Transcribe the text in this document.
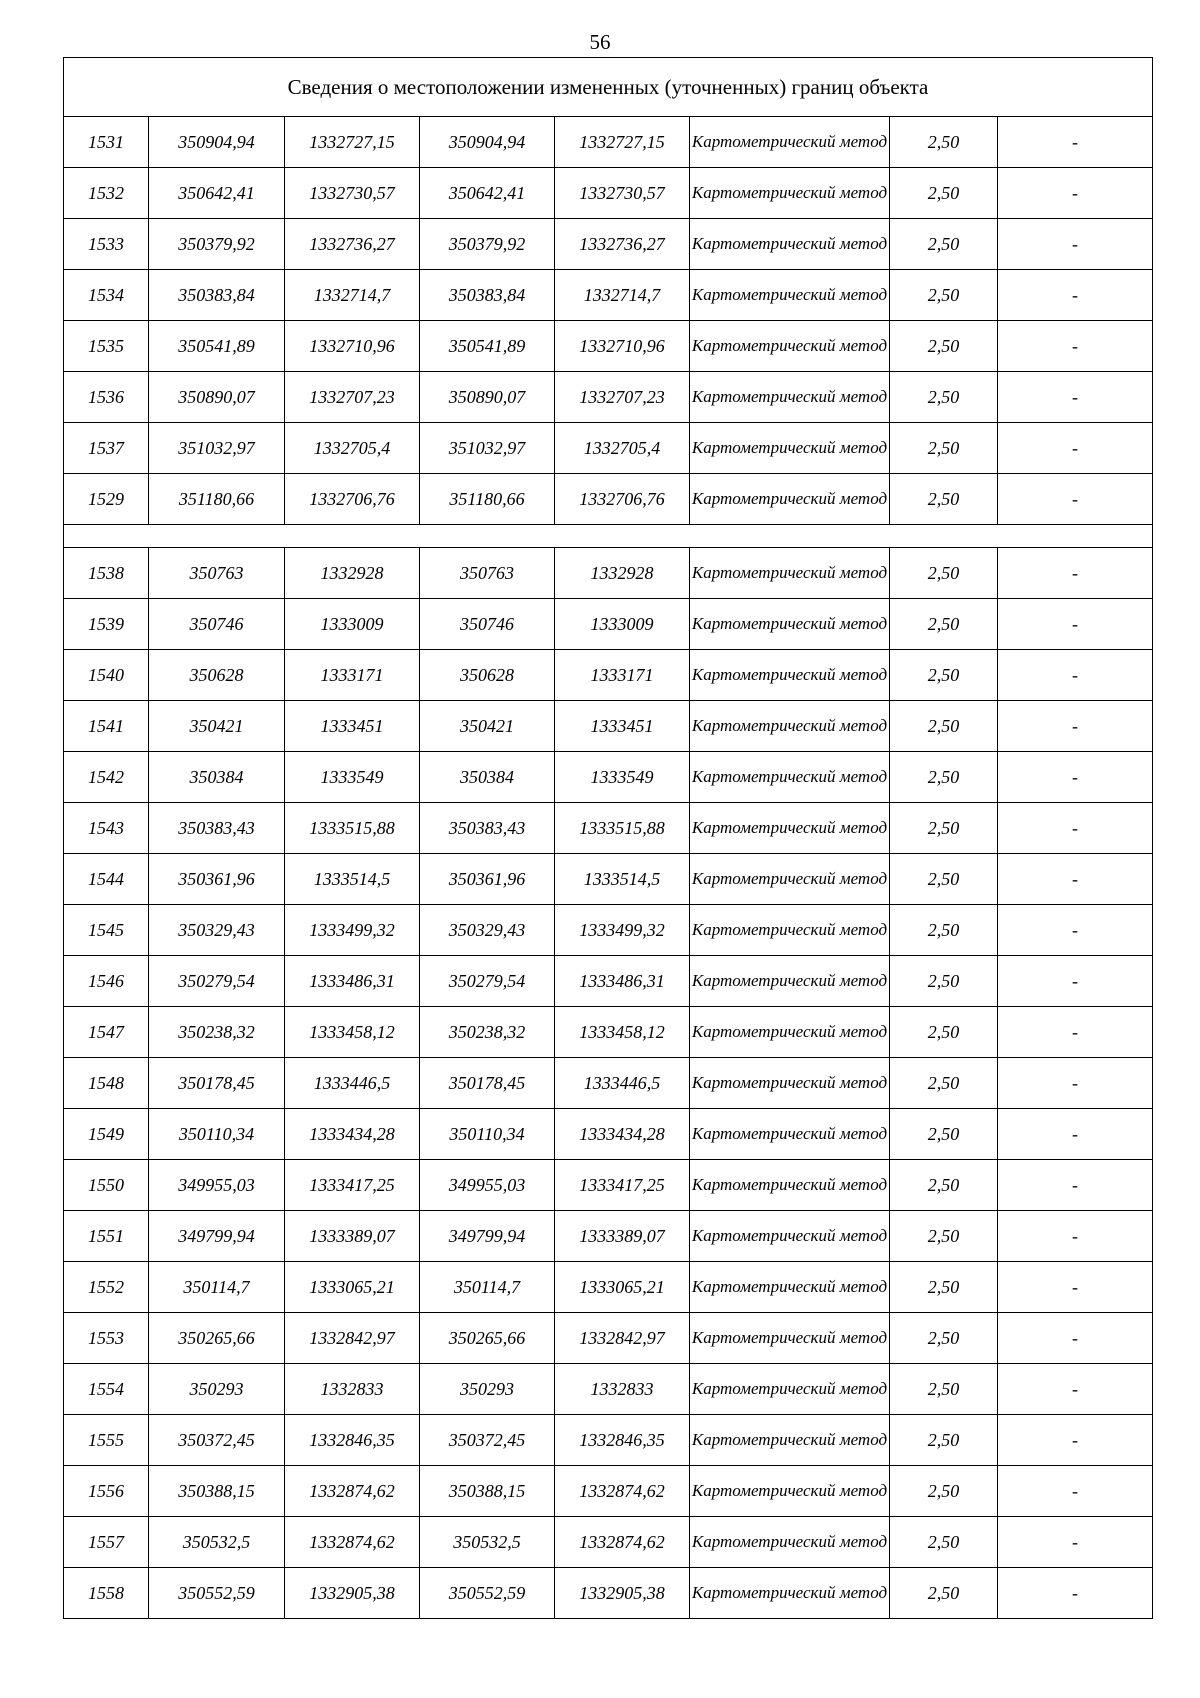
56
Сведения о местоположении измененных (уточненных) границ объекта							
1531	350904,94	1332727,15	350904,94	1332727,15	Картометрический метод	2,50	-
1532	350642,41	1332730,57	350642,41	1332730,57	Картометрический метод	2,50	-
1533	350379,92	1332736,27	350379,92	1332736,27	Картометрический метод	2,50	-
1534	350383,84	1332714,7	350383,84	1332714,7	Картометрический метод	2,50	-
1535	350541,89	1332710,96	350541,89	1332710,96	Картометрический метод	2,50	-
1536	350890,07	1332707,23	350890,07	1332707,23	Картометрический метод	2,50	-
1537	351032,97	1332705,4	351032,97	1332705,4	Картометрический метод	2,50	-
1529	351180,66	1332706,76	351180,66	1332706,76	Картометрический метод	2,50	-

1538	350763	1332928	350763	1332928	Картометрический метод	2,50	-
1539	350746	1333009	350746	1333009	Картометрический метод	2,50	-
1540	350628	1333171	350628	1333171	Картометрический метод	2,50	-
1541	350421	1333451	350421	1333451	Картометрический метод	2,50	-
1542	350384	1333549	350384	1333549	Картометрический метод	2,50	-
1543	350383,43	1333515,88	350383,43	1333515,88	Картометрический метод	2,50	-
1544	350361,96	1333514,5	350361,96	1333514,5	Картометрический метод	2,50	-
1545	350329,43	1333499,32	350329,43	1333499,32	Картометрический метод	2,50	-
1546	350279,54	1333486,31	350279,54	1333486,31	Картометрический метод	2,50	-
1547	350238,32	1333458,12	350238,32	1333458,12	Картометрический метод	2,50	-
1548	350178,45	1333446,5	350178,45	1333446,5	Картометрический метод	2,50	-
1549	350110,34	1333434,28	350110,34	1333434,28	Картометрический метод	2,50	-
1550	349955,03	1333417,25	349955,03	1333417,25	Картометрический метод	2,50	-
1551	349799,94	1333389,07	349799,94	1333389,07	Картометрический метод	2,50	-
1552	350114,7	1333065,21	350114,7	1333065,21	Картометрический метод	2,50	-
1553	350265,66	1332842,97	350265,66	1332842,97	Картометрический метод	2,50	-
1554	350293	1332833	350293	1332833	Картометрический метод	2,50	-
1555	350372,45	1332846,35	350372,45	1332846,35	Картометрический метод	2,50	-
1556	350388,15	1332874,62	350388,15	1332874,62	Картометрический метод	2,50	-
1557	350532,5	1332874,62	350532,5	1332874,62	Картометрический метод	2,50	-
1558	350552,59	1332905,38	350552,59	1332905,38	Картометрический метод	2,50	-
